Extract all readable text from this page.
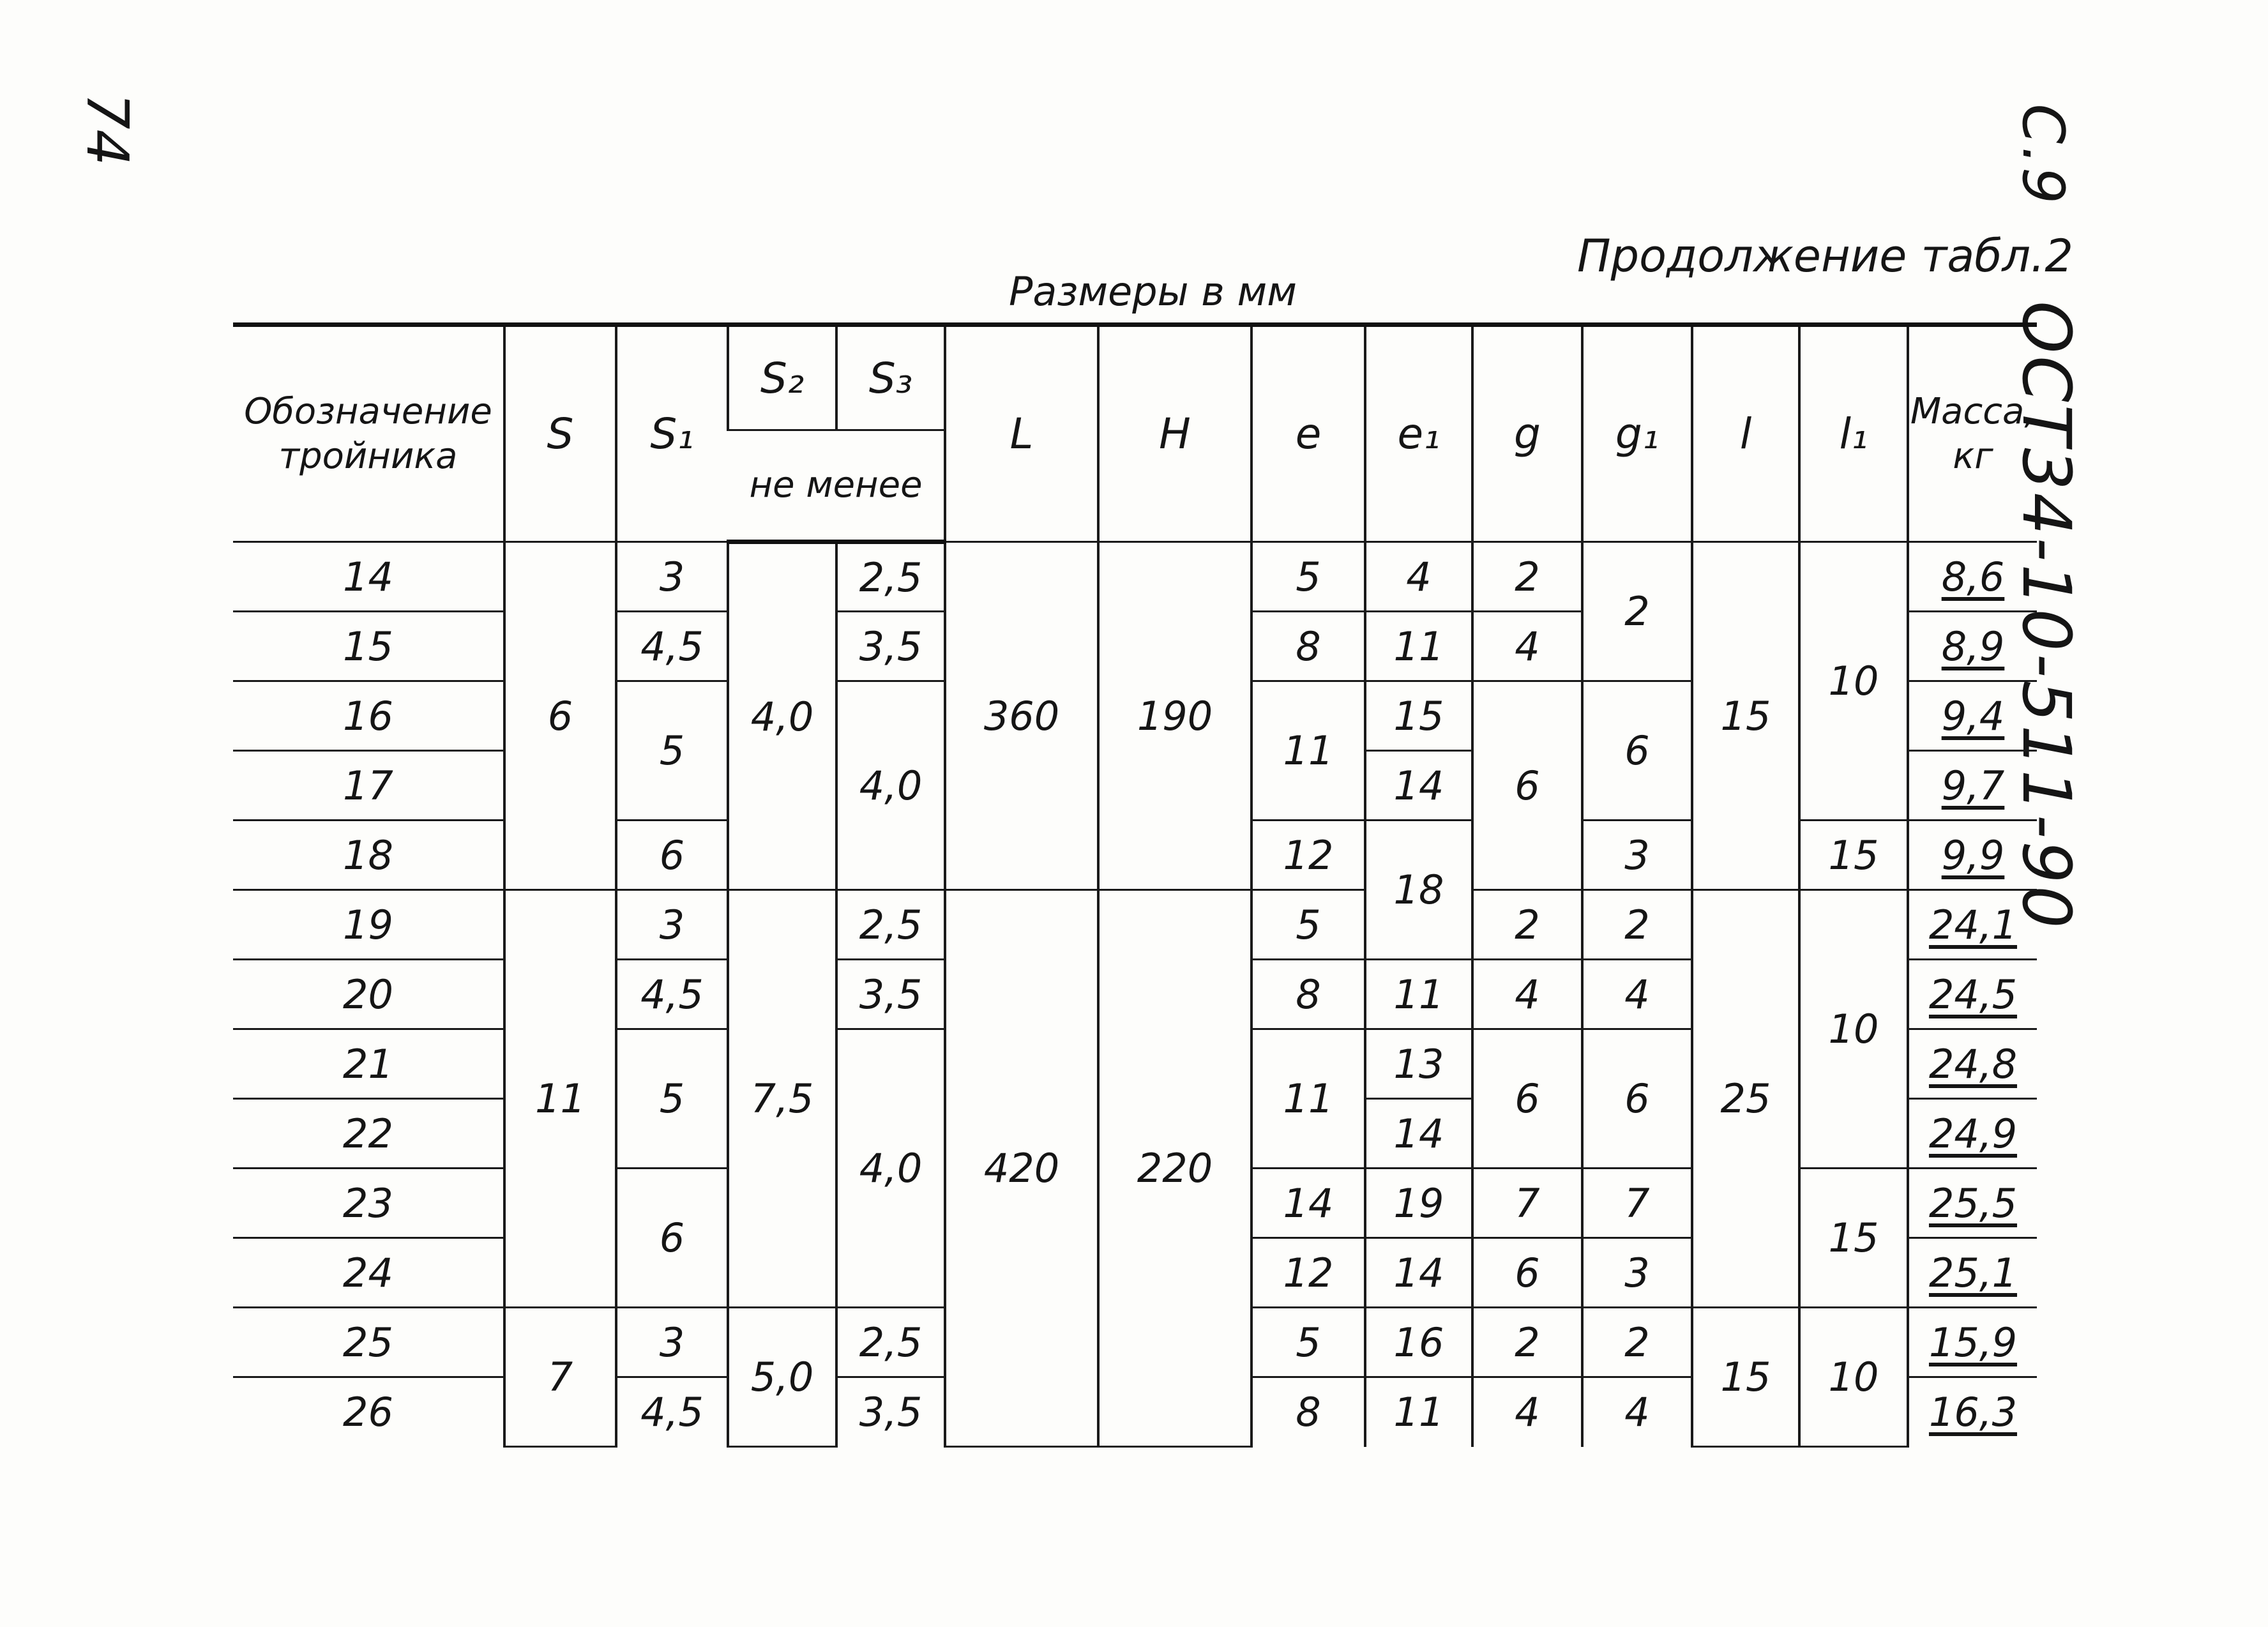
74	С.9    ОСТ34-10-511-90
Продолжение табл.2
Размеры в мм
Обозначение тройника	S	S₁	S₂	S₃	L	H	e	e₁	g	g₁	l	l₁	Масса, кг
			не менее										
14	6	3	4,0	2,5	360	190	5	4	2	2	15	10	8,6
15		4,5		3,5			8	11	4				8,9
16		5		4,0			11	15	6	6			9,4
17								14					9,7
18		6					12	18		3		15	9,9
19	11	3	7,5	2,5	420	220	5		2	2	25	10	24,1
20		4,5		3,5			8	11	4	4			24,5
21		5		4,0			11	13	6	6			24,8
22								14					24,9
23		6					14	19	7	7		15	25,5
24							12	14	6	3			25,1
25	7	3	5,0	2,5			5	16	2	2	15	10	15,9
26		4,5		3,5			8	11	4	4			16,3
